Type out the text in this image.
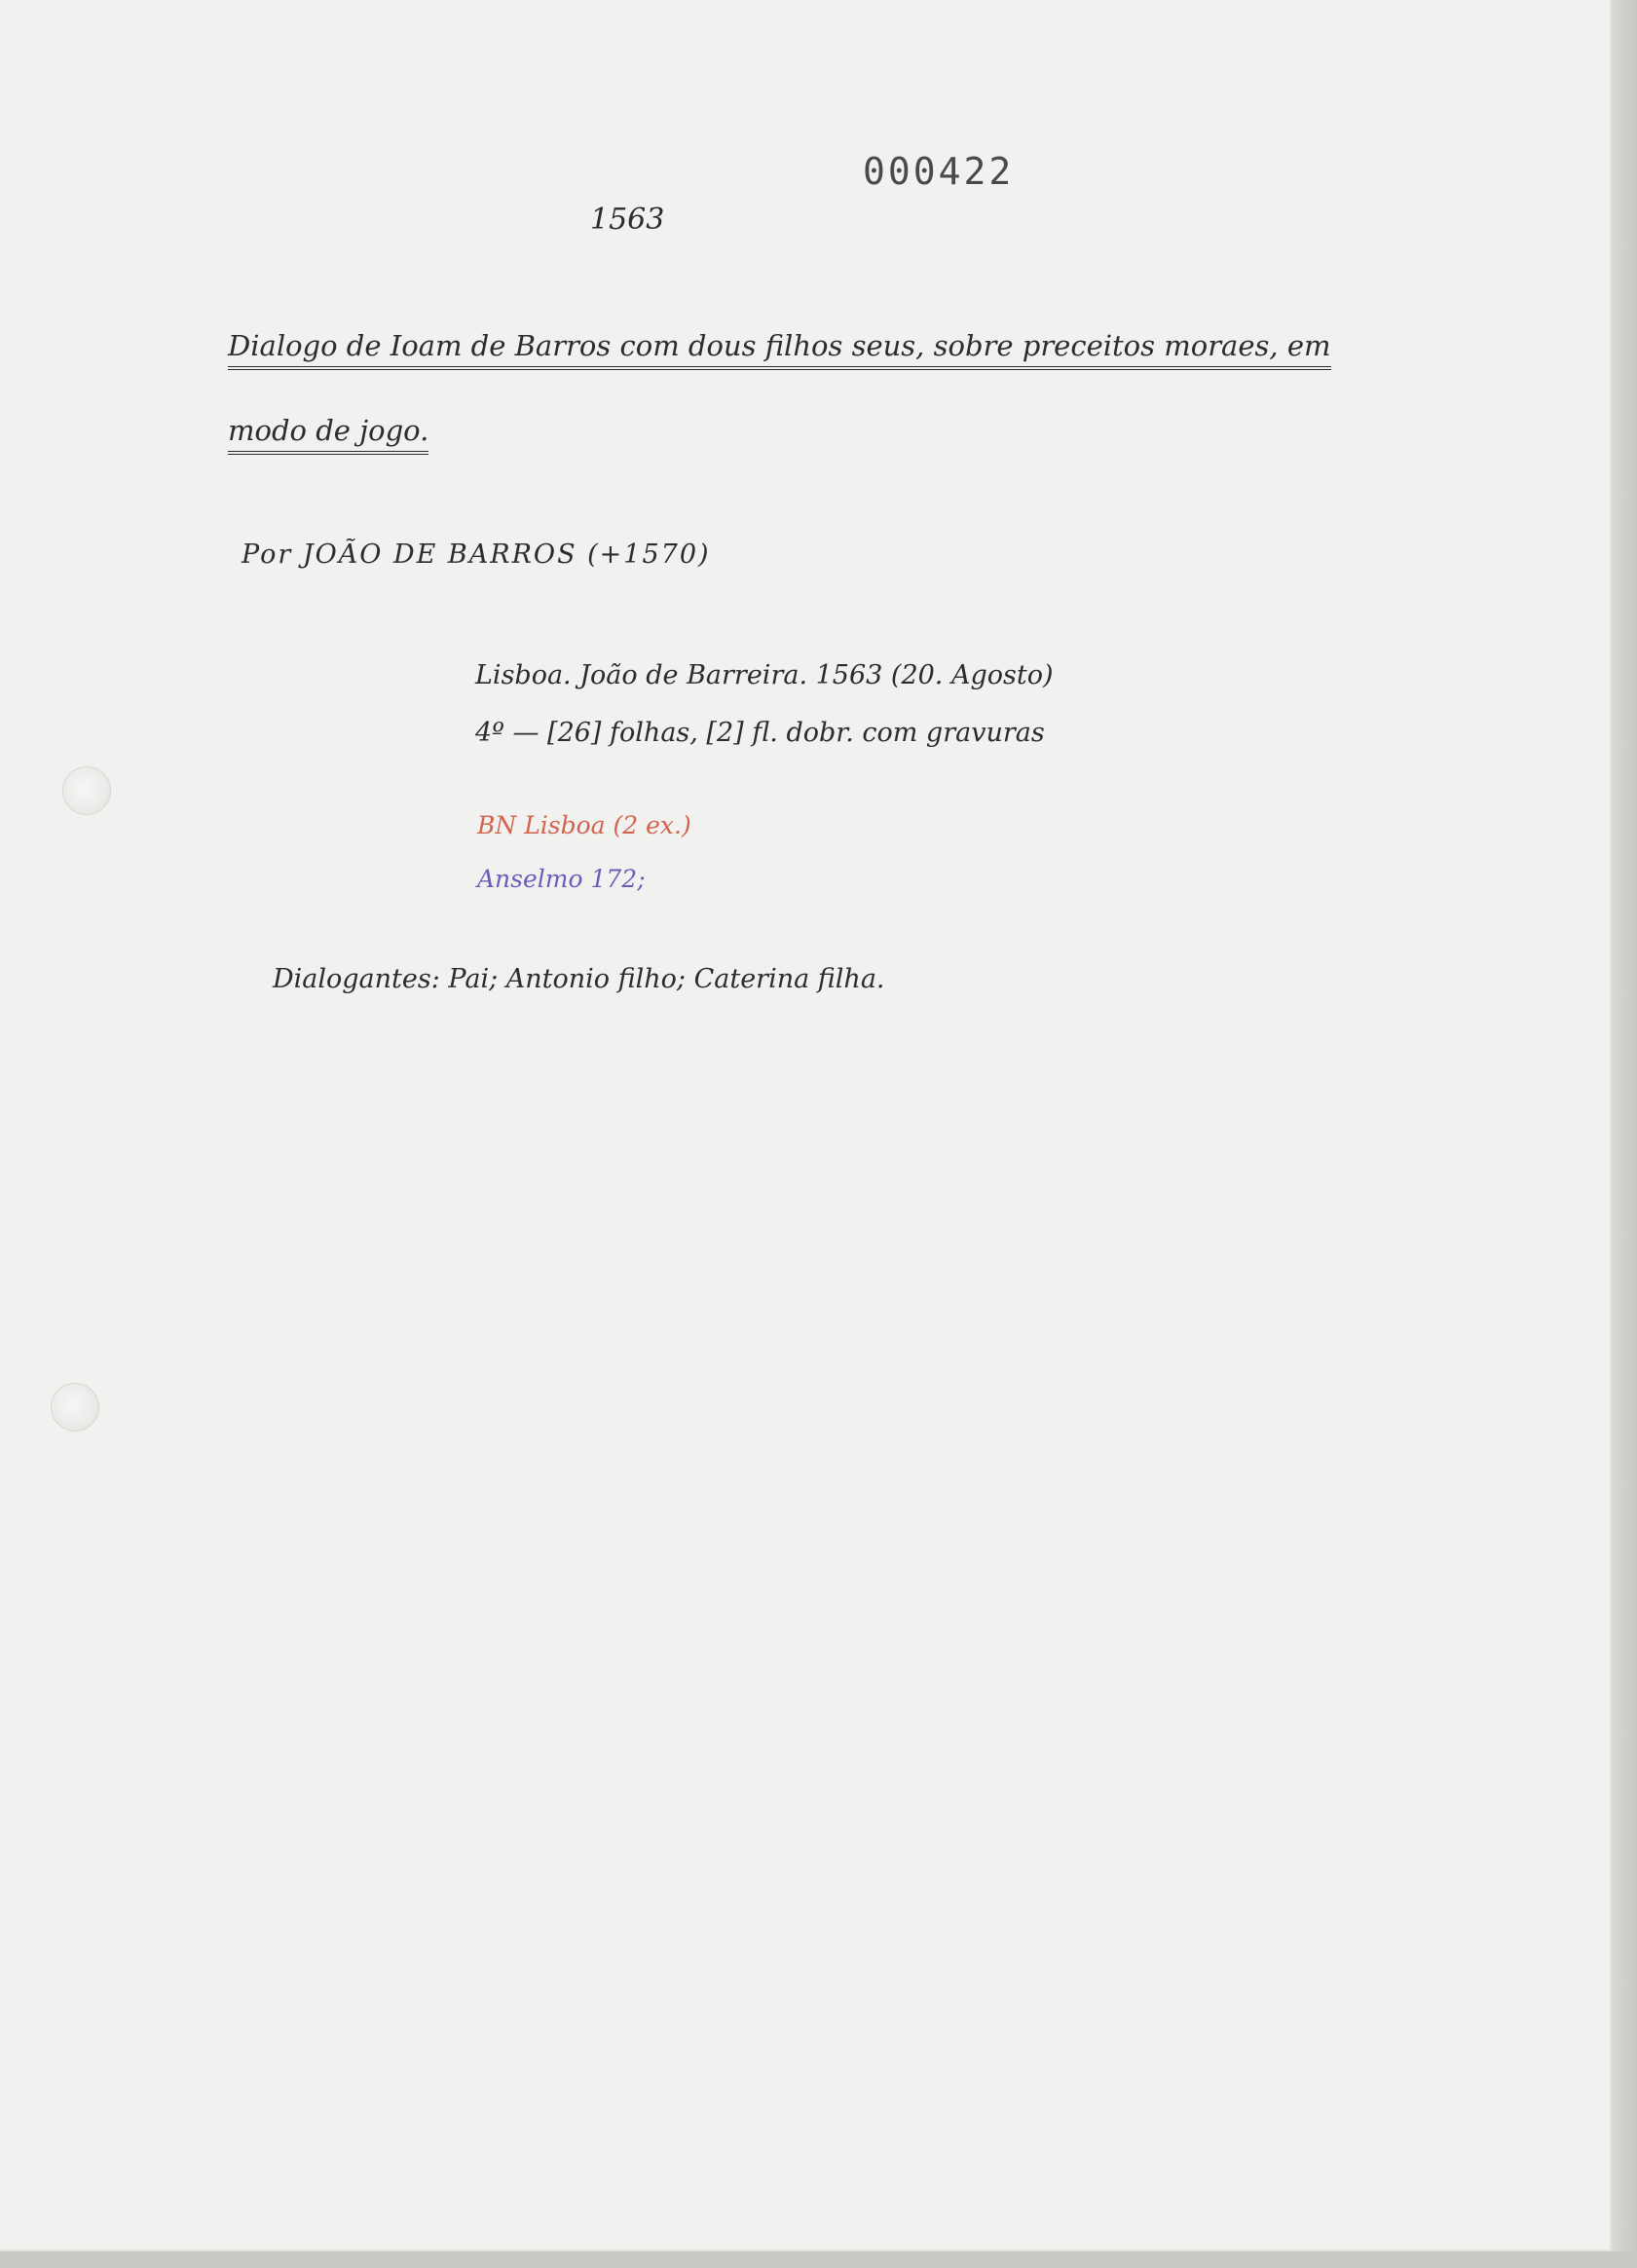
000422
1563
Dialogo de Ioam de Barros com dous filhos seus, sobre preceitos moraes, em
modo de jogo.
Por JOÃO DE BARROS (+1570)
Lisboa. João de Barreira. 1563 (20. Agosto)
4º — [26] folhas, [2] fl. dobr. com gravuras
BN Lisboa (2 ex.)
Anselmo 172;
Dialogantes: Pai; Antonio filho; Caterina filha.
